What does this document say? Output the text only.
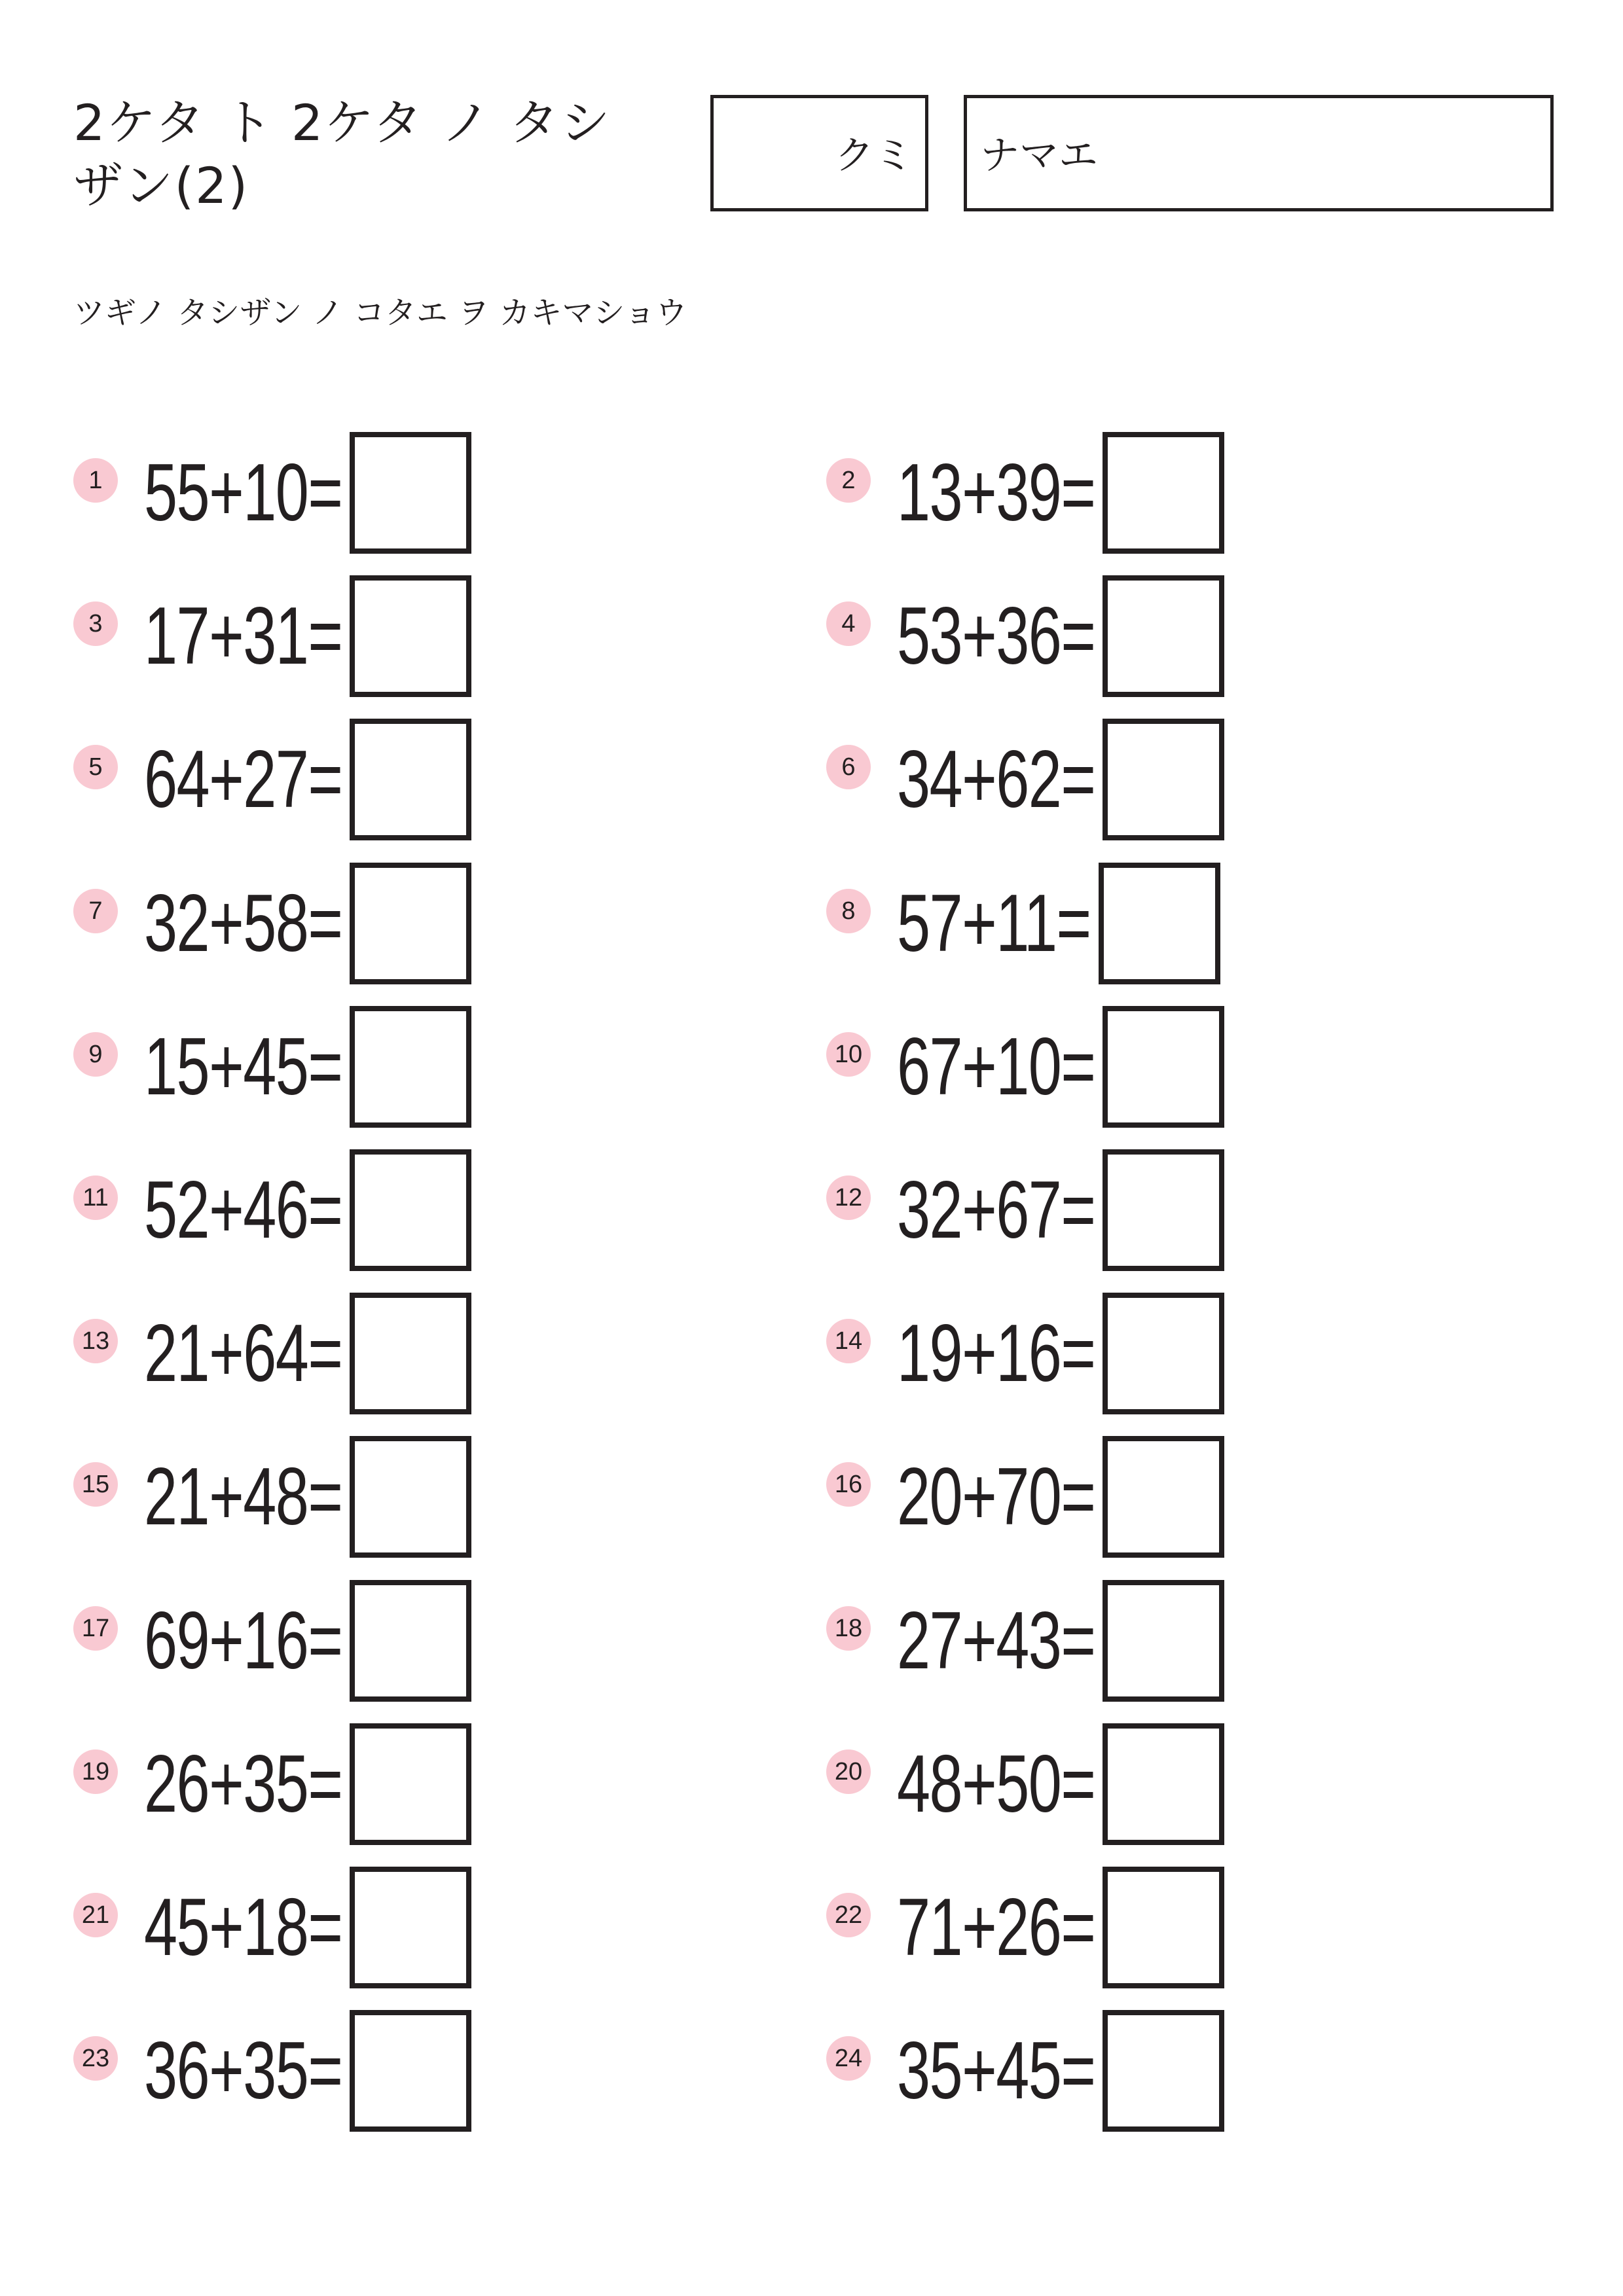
2ケタ ト 2ケタ ノ タシ
ザン(2)
クミ ナマエ
ツギノ タシザン ノ コタエ ヲ カキマショウ
1 55+10=	2 13+39=
3 17+31=	4 53+36=
5 64+27=	6 34+62=
7 32+58=	8 57+11=
9 15+45=	10 67+10=
11 52+46=	12 32+67=
13 21+64=	14 19+16=
15 21+48=	16 20+70=
17 69+16=	18 27+43=
19 26+35=	20 48+50=
21 45+18=	22 71+26=
23 36+35=	24 35+45=
